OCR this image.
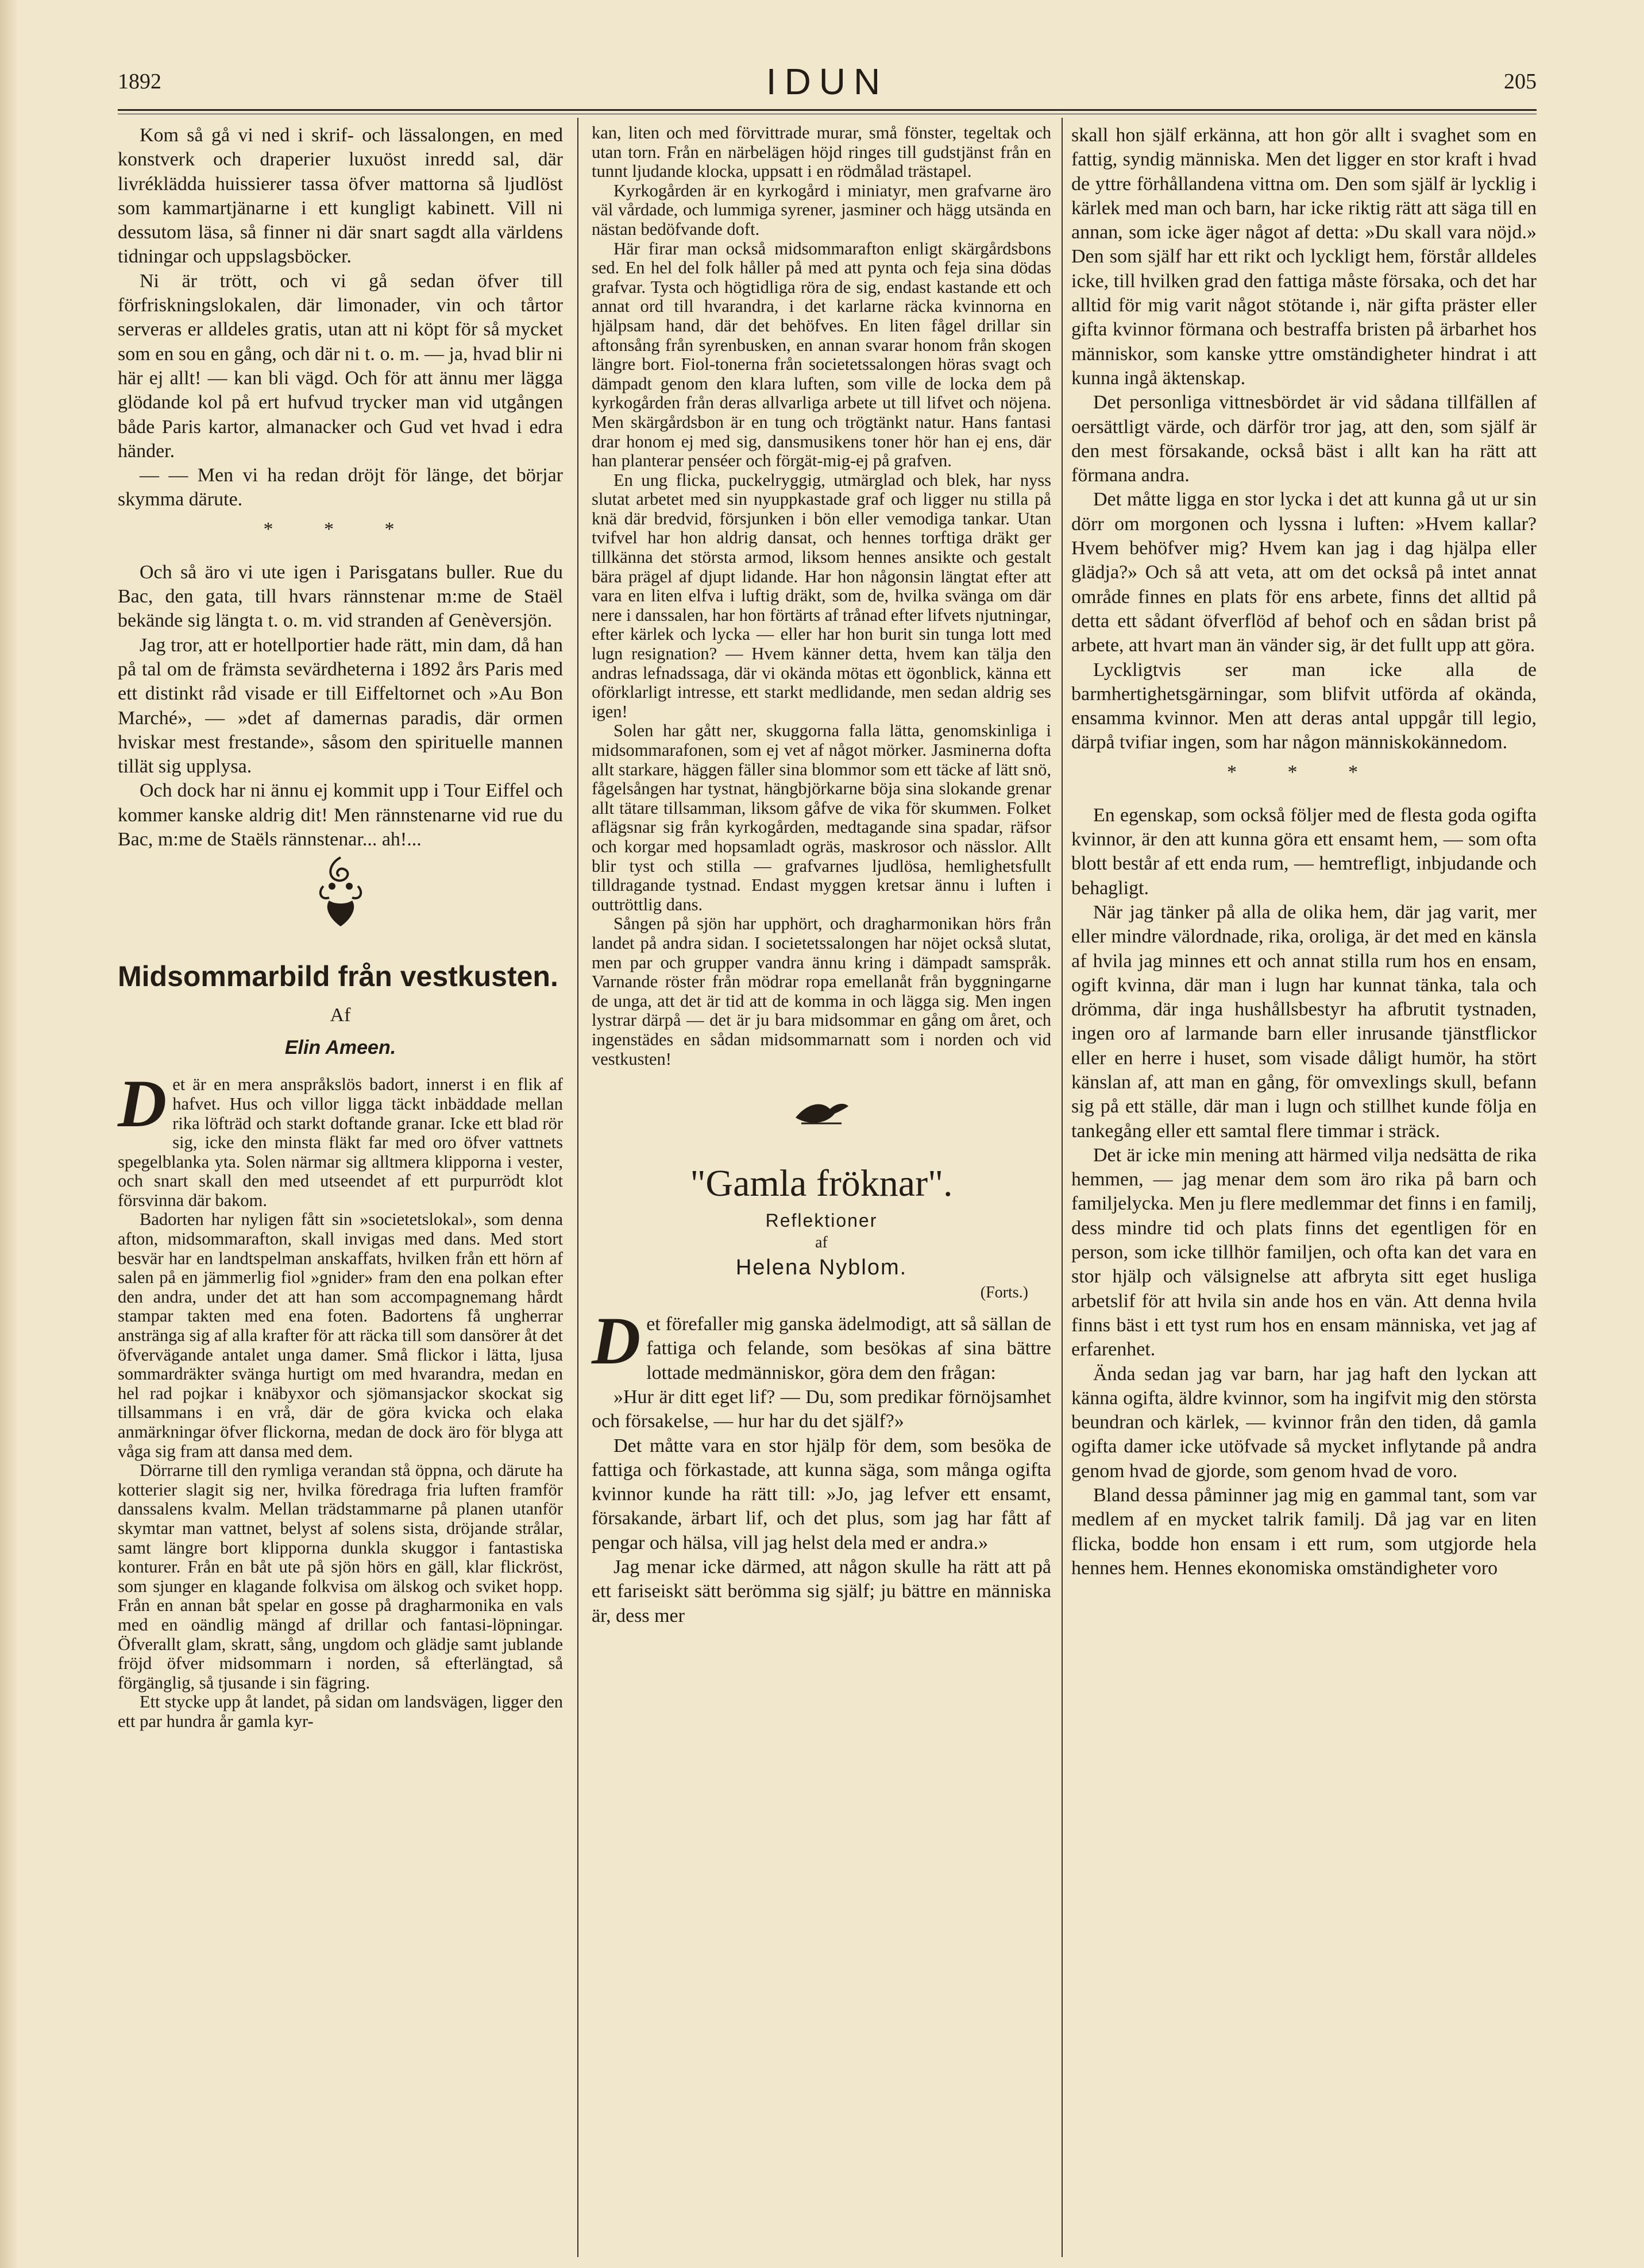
1892	IDUN	205

Kom så gå vi ned i skrif- och lässalongen, en med konstverk och draperier luxuöst inredd sal, där livréklädda huissierer tassa öfver mattorna så ljudlöst som kammartjänarne i ett kungligt kabinett. Vill ni dessutom läsa, så finner ni där snart sagdt alla världens tidningar och uppslagsböcker.

Ni är trött, och vi gå sedan öfver till förfriskningslokalen, där limonader, vin och tårtor serveras er alldeles gratis, utan att ni köpt för så mycket som en sou en gång, och där ni t. o. m. — ja, hvad blir ni här ej allt! — kan bli vägd. Och för att ännu mer lägga glödande kol på ert hufvud trycker man vid utgången både Paris kartor, almanacker och Gud vet hvad i edra händer.

— — Men vi ha redan dröjt för länge, det börjar skymma därute.

* * *

Och så äro vi ute igen i Parisgatans buller. Rue du Bac, den gata, till hvars rännstenar m:me de Staël bekände sig längta t. o. m. vid stranden af Genèversjön.

Jag tror, att er hotellportier hade rätt, min dam, då han på tal om de främsta sevärdheterna i 1892 års Paris med ett distinkt råd visade er till Eiffeltornet och »Au Bon Marché», — »det af damernas paradis, där ormen hviskar mest frestande», såsom den spirituelle mannen tillät sig upplysa.

Och dock har ni ännu ej kommit upp i Tour Eiffel och kommer kanske aldrig dit! Men rännstenarne vid rue du Bac, m:me de Staëls rännstenar... ah!...

Midsommarbild från vestkusten.
Af
Elin Ameen.
D et är en mera anspråkslös badort, innerst i en flik af hafvet. Hus och villor ligga täckt inbäddade mellan rika löfträd och starkt doftande granar. Icke ett blad rör sig, icke den minsta fläkt far med oro öfver vattnets spegelblanka yta. Solen närmar sig alltmera klipporna i vester, och snart skall den med utseendet af ett purpurrödt klot försvinna där bakom.

Badorten har nyligen fått sin »societetslokal», som denna afton, midsommarafton, skall invigas med dans. Med stort besvär har en landtspelman anskaffats, hvilken från ett hörn af salen på en jämmerlig fiol »gnider» fram den ena polkan efter den andra, under det att han som accompagnemang hårdt stampar takten med ena foten. Badortens få ungherrar anstränga sig af alla krafter för att räcka till som dansörer åt det öfvervägande antalet unga damer. Små flickor i lätta, ljusa sommardräkter svänga hurtigt om med hvarandra, medan en hel rad pojkar i knäbyxor och sjömansjackor skockat sig tillsammans i en vrå, där de göra kvicka och elaka anmärkningar öfver flickorna, medan de dock äro för blyga att våga sig fram att dansa med dem.

Dörrarne till den rymliga verandan stå öppna, och därute ha kotterier slagit sig ner, hvilka föredraga fria luften framför danssalens kvalm. Mellan trädstammarne på planen utanför skymtar man vattnet, belyst af solens sista, dröjande strålar, samt längre bort klipporna dunkla skuggor i fantastiska konturer. Från en båt ute på sjön hörs en gäll, klar flickröst, som sjunger en klagande folkvisa om älskog och sviket hopp. Från en annan båt spelar en gosse på dragharmonika en vals med en oändlig mängd af drillar och fantasi-löpningar. Öfverallt glam, skratt, sång, ungdom och glädje samt jublande fröjd öfver midsommarn i norden, så efterlängtad, så förgänglig, så tjusande i sin fägring.

Ett stycke upp åt landet, på sidan om landsvägen, ligger den ett par hundra år gamla kyr-

kan, liten och med förvittrade murar, små fönster, tegeltak och utan torn. Från en närbelägen höjd ringes till gudstjänst från en tunnt ljudande klocka, uppsatt i en rödmålad trästapel.

Kyrkogården är en kyrkogård i miniatyr, men grafvarne äro väl vårdade, och lummiga syrener, jasminer och hägg utsända en nästan bedöfvande doft.

Här firar man också midsommarafton enligt skärgårdsbons sed. En hel del folk håller på med att pynta och feja sina dödas grafvar. Tysta och högtidliga röra de sig, endast kastande ett och annat ord till hvarandra, i det karlarne räcka kvinnorna en hjälpsam hand, där det behöfves. En liten fågel drillar sin aftonsång från syrenbusken, en annan svarar honom från skogen längre bort. Fiol-tonerna från societetssalongen höras svagt och dämpadt genom den klara luften, som ville de locka dem på kyrkogården från deras allvarliga arbete ut till lifvet och nöjena. Men skärgårdsbon är en tung och trögtänkt natur. Hans fantasi drar honom ej med sig, dansmusikens toner hör han ej ens, där han planterar penséer och förgät-mig-ej på grafven.

En ung flicka, puckelryggig, utmärglad och blek, har nyss slutat arbetet med sin nyuppkastade graf och ligger nu stilla på knä där bredvid, försjunken i bön eller vemodiga tankar. Utan tvifvel har hon aldrig dansat, och hennes torftiga dräkt ger tillkänna det största armod, liksom hennes ansikte och gestalt bära prägel af djupt lidande. Har hon någonsin längtat efter att vara en liten elfva i luftig dräkt, som de, hvilka svänga om där nere i danssalen, har hon förtärts af trånad efter lifvets njutningar, efter kärlek och lycka — eller har hon burit sin tunga lott med lugn resignation? — Hvem känner detta, hvem kan tälja den andras lefnadssaga, där vi okända mötas ett ögonblick, känna ett oförklarligt intresse, ett starkt medlidande, men sedan aldrig ses igen!

Solen har gått ner, skuggorna falla lätta, genomskinliga i midsommarafonen, som ej vet af något mörker. Jasminerna dofta allt starkare, häggen fäller sina blommor som ett täcke af lätt snö, fågelsången har tystnat, hängbjörkarne böja sina slokande grenar allt tätare tillsamman, liksom gåfve de vika för skumмеn. Folket aflägsnar sig från kyrkogården, medtagande sina spadar, räfsor och korgar med hopsamladt ogräs, maskrosor och nässlor. Allt blir tyst och stilla — grafvarnes ljudlösa, hemlighetsfullt tilldragande tystnad. Endast myggen kretsar ännu i luften i outtröttlig dans.

Sången på sjön har upphört, och dragharmonikan hörs från landet på andra sidan. I societetssalongen har nöjet också slutat, men par och grupper vandra ännu kring i dämpadt samspråk. Varnande röster från mödrar ropa emellanåt från byggningarne de unga, att det är tid att de komma in och lägga sig. Men ingen lystrar därpå — det är ju bara midsommar en gång om året, och ingenstädes en sådan midsommarnatt som i norden och vid vestkusten!

"Gamla fröknar".
Reflektioner
af
Helena Nyblom.
(Forts.)
D et förefaller mig ganska ädelmodigt, att så sällan de fattiga och felande, som besökas af sina bättre lottade medmänniskor, göra dem den frågan:

»Hur är ditt eget lif? — Du, som predikar förnöjsamhet och försakelse, — hur har du det själf?»

Det måtte vara en stor hjälp för dem, som besöka de fattiga och förkastade, att kunna säga, som många ogifta kvinnor kunde ha rätt till: »Jo, jag lefver ett ensamt, försakande, ärbart lif, och det plus, som jag har fått af pengar och hälsa, vill jag helst dela med er andra.»

Jag menar icke därmed, att någon skulle ha rätt att på ett fariseiskt sätt berömma sig själf; ju bättre en människa är, dess mer

skall hon själf erkänna, att hon gör allt i svaghet som en fattig, syndig människa. Men det ligger en stor kraft i hvad de yttre förhållandena vittna om. Den som själf är lycklig i kärlek med man och barn, har icke riktig rätt att säga till en annan, som icke äger något af detta: »Du skall vara nöjd.» Den som själf har ett rikt och lyckligt hem, förstår alldeles icke, till hvilken grad den fattiga måste försaka, och det har alltid för mig varit något stötande i, när gifta präster eller gifta kvinnor förmana och bestraffa bristen på ärbarhet hos människor, som kanske yttre omständigheter hindrat i att kunna ingå äktenskap.

Det personliga vittnesbördet är vid sådana tillfällen af oersättligt värde, och därför tror jag, att den, som själf är den mest försakande, också bäst i allt kan ha rätt att förmana andra.

Det måtte ligga en stor lycka i det att kunna gå ut ur sin dörr om morgonen och lyssna i luften: »Hvem kallar? Hvem behöfver mig? Hvem kan jag i dag hjälpa eller glädja?» Och så att veta, att om det också på intet annat område finnes en plats för ens arbete, finns det alltid på detta ett sådant öfverflöd af behof och en sådan brist på arbete, att hvart man än vänder sig, är det fullt upp att göra.

Lyckligtvis ser man icke alla de barmhertighetsgärningar, som blifvit utförda af okända, ensamma kvinnor. Men att deras antal uppgår till legio, därpå tvifiar ingen, som har någon människokännedom.

* * *

En egenskap, som också följer med de flesta goda ogifta kvinnor, är den att kunna göra ett ensamt hem, — som ofta blott består af ett enda rum, — hemtrefligt, inbjudande och behagligt.

När jag tänker på alla de olika hem, där jag varit, mer eller mindre välordnade, rika, oroliga, är det med en känsla af hvila jag minnes ett och annat stilla rum hos en ensam, ogift kvinna, där man i lugn har kunnat tänka, tala och drömma, där inga hushållsbestyr ha afbrutit tystnaden, ingen oro af larmande barn eller inrusande tjänstflickor eller en herre i huset, som visade dåligt humör, ha stört känslan af, att man en gång, för omvexlings skull, befann sig på ett ställe, där man i lugn och stillhet kunde följa en tankegång eller ett samtal flere timmar i sträck.

Det är icke min mening att härmed vilja nedsätta de rika hemmen, — jag menar dem som äro rika på barn och familjelycka. Men ju flere medlemmar det finns i en familj, dess mindre tid och plats finns det egentligen för en person, som icke tillhör familjen, och ofta kan det vara en stor hjälp och välsignelse att afbryta sitt eget husliga arbetslif för att hvila sin ande hos en vän. Att denna hvila finns bäst i ett tyst rum hos en ensam människa, vet jag af erfarenhet.

Ända sedan jag var barn, har jag haft den lyckan att känna ogifta, äldre kvinnor, som ha ingifvit mig den största beundran och kärlek, — kvinnor från den tiden, då gamla ogifta damer icke utöfvade så mycket inflytande på andra genom hvad de gjorde, som genom hvad de voro.

Bland dessa påminner jag mig en gammal tant, som var medlem af en mycket talrik familj. Då jag var en liten flicka, bodde hon ensam i ett rum, som utgjorde hela hennes hem. Hennes ekonomiska omständigheter voro
